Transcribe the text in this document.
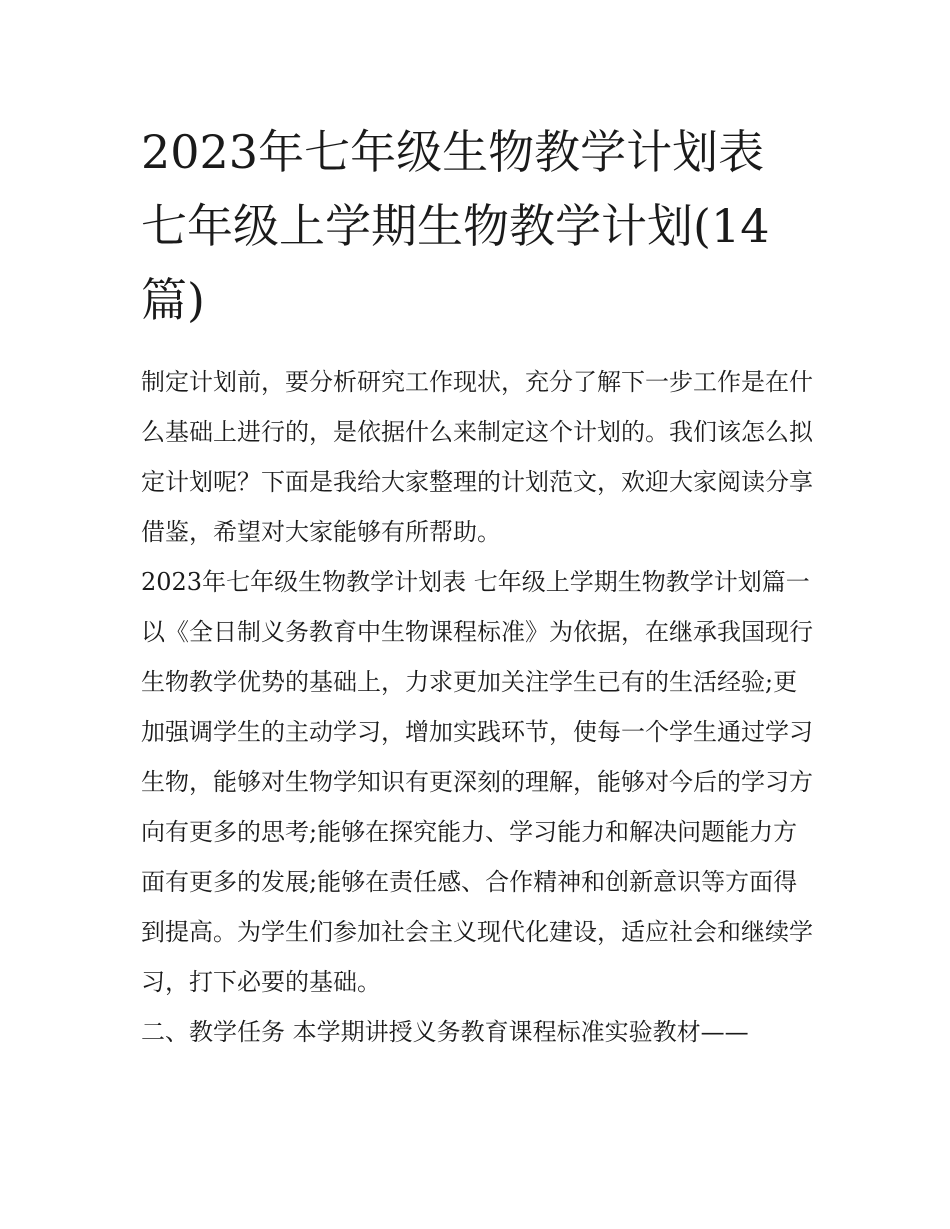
2023年七年级生物教学计划表 七年级上学期生物教学计划(14篇)

制定计划前，要分析研究工作现状，充分了解下一步工作是在什么基础上进行的，是依据什么来制定这个计划的。我们该怎么拟定计划呢？下面是我给大家整理的计划范文，欢迎大家阅读分享借鉴，希望对大家能够有所帮助。

2023年七年级生物教学计划表 七年级上学期生物教学计划篇一

以《全日制义务教育中生物课程标准》为依据，在继承我国现行生物教学优势的基础上，力求更加关注学生已有的生活经验;更加强调学生的主动学习，增加实践环节，使每一个学生通过学习生物，能够对生物学知识有更深刻的理解，能够对今后的学习方向有更多的思考;能够在探究能力、学习能力和解决问题能力方面有更多的发展;能够在责任感、合作精神和创新意识等方面得到提高。为学生们参加社会主义现代化建设，适应社会和继续学习，打下必要的基础。

二、教学任务 本学期讲授义务教育课程标准实验教材——
